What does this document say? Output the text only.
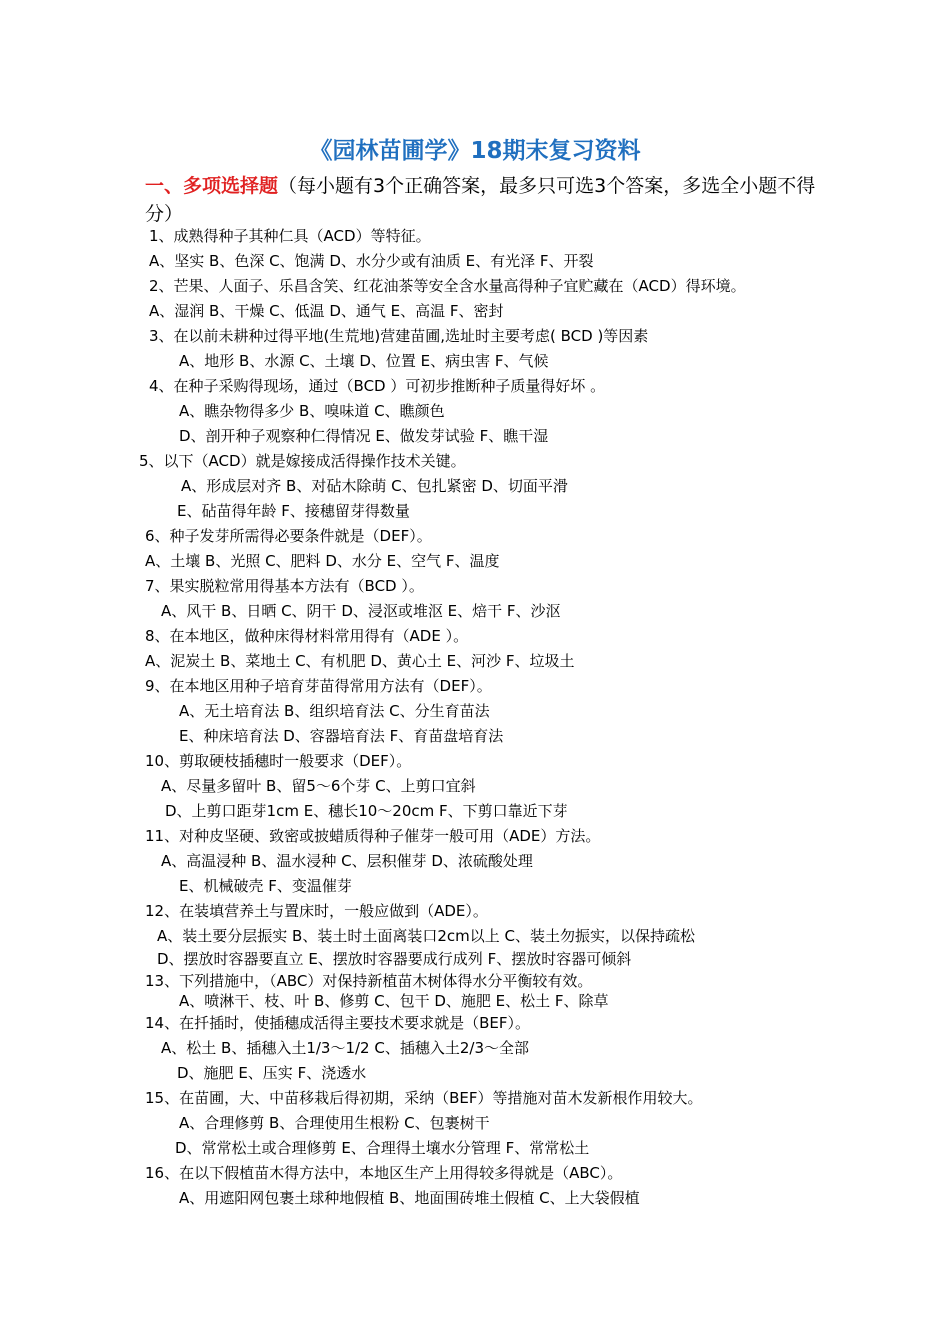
《园林苗圃学》18期末复习资料
一、多项选择题（每小题有3个正确答案，最多只可选3个答案，多选全小题不得分）
1、成熟得种子其种仁具（ACD）等特征。
A、坚实 B、色深 C、饱满 D、水分少或有油质 E、有光泽 F、开裂
2、芒果、人面子、乐昌含笑、红花油茶等安全含水量高得种子宜贮藏在（ACD）得环境。
A、湿润 B、干燥 C、低温 D、通气 E、高温 F、密封
3、在以前未耕种过得平地(生荒地)营建苗圃,选址时主要考虑( BCD )等因素
A、地形 B、水源 C、土壤 D、位置 E、病虫害 F、气候
4、在种子采购得现场，通过（BCD ）可初步推断种子质量得好坏 。
A、瞧杂物得多少 B、嗅味道 C、瞧颜色
D、剖开种子观察种仁得情况 E、做发芽试验 F、瞧干湿
5、以下（ACD）就是嫁接成活得操作技术关键。
A、形成层对齐 B、对砧木除萌 C、包扎紧密 D、切面平滑
E、砧苗得年龄 F、接穗留芽得数量
6、种子发芽所需得必要条件就是（DEF）。
A、土壤 B、光照 C、肥料 D、水分 E、空气 F、温度
7、果实脱粒常用得基本方法有（BCD ）。
A、风干 B、日晒 C、阴干 D、浸沤或堆沤 E、焙干 F、沙沤
8、在本地区，做种床得材料常用得有（ADE ）。
A、泥炭土 B、菜地土 C、有机肥 D、黄心土 E、河沙 F、垃圾土
9、在本地区用种子培育芽苗得常用方法有（DEF）。
A、无土培育法 B、组织培育法 C、分生育苗法
E、种床培育法 D、容器培育法 F、育苗盘培育法
10、剪取硬枝插穗时一般要求（DEF）。
A、尽量多留叶 B、留5～6个芽 C、上剪口宜斜
D、上剪口距芽1cm E、穗长10～20cm F、下剪口靠近下芽
11、对种皮坚硬、致密或披蜡质得种子催芽一般可用（ADE）方法。
A、高温浸种 B、温水浸种 C、层积催芽 D、浓硫酸处理
E、机械破壳 F、变温催芽
12、在装填营养土与置床时，一般应做到（ADE）。
A、装土要分层振实 B、装土时土面离装口2cm以上 C、装土勿振实，以保持疏松
D、摆放时容器要直立 E、摆放时容器要成行成列 F、摆放时容器可倾斜
13、下列措施中，（ABC）对保持新植苗木树体得水分平衡较有效。
A、喷淋干、枝、叶 B、修剪 C、包干 D、施肥 E、松土 F、除草
14、在扦插时，使插穗成活得主要技术要求就是（BEF）。
A、松土 B、插穗入土1/3～1/2 C、插穗入土2/3～全部
D、施肥 E、压实 F、浇透水
15、在苗圃，大、中苗移栽后得初期，采纳（BEF）等措施对苗木发新根作用较大。
A、合理修剪 B、合理使用生根粉 C、包裹树干
D、常常松土或合理修剪 E、合理得土壤水分管理 F、常常松土
16、在以下假植苗木得方法中，本地区生产上用得较多得就是（ABC）。
A、用遮阳网包裹土球种地假植 B、地面围砖堆土假植 C、上大袋假植
